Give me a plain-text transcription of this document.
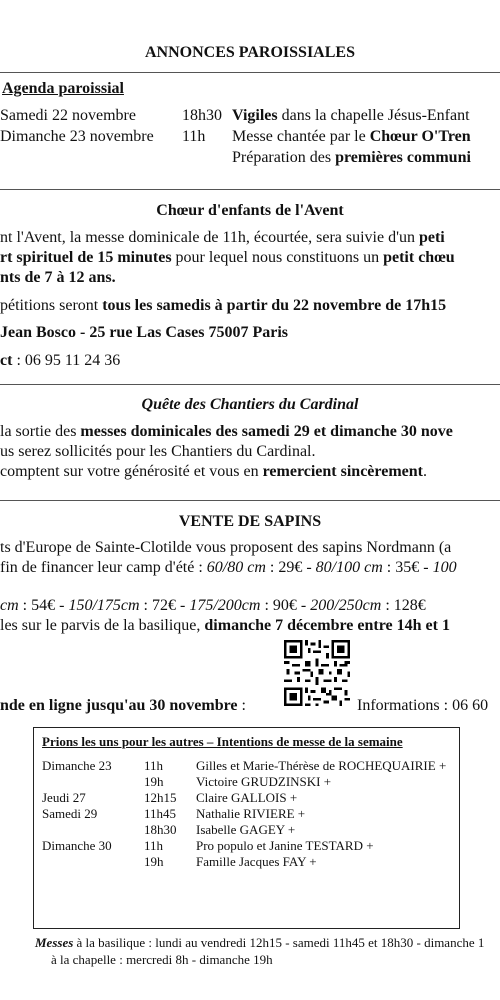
ANNONCES PAROISSIALES
Agenda paroissial
Samedi 22 novembre	18h30 Vigiles dans la chapelle Jésus-Enfant
Dimanche 23 novembre 11h Messe chantée par le Chœur O'Tren
Préparation des premières communi
Chœur d'enfants de l'Avent
nt l'Avent, la messe dominicale de 11h, écourtée, sera suivie d'un peti
rt spirituel de 15 minutes pour lequel nous constituons un petit chœu
nts de 7 à 12 ans.
pétitions seront tous les samedis à partir du 22 novembre de 17h15
Jean Bosco - 25 rue Las Cases 75007 Paris
ct : 06 95 11 24 36
Quête des Chantiers du Cardinal
la sortie des messes dominicales des samedi 29 et dimanche 30 nove
us serez sollicités pour les Chantiers du Cardinal.
comptent sur votre générosité et vous en remercient sincèrement.
VENTE DE SAPINS
ts d'Europe de Sainte-Clotilde vous proposent des sapins Nordmann (a
fin de financer leur camp d'été : 60/80 cm : 29€ - 80/100 cm : 35€ - 100
cm : 54€ - 150/175cm : 72€ - 175/200cm : 90€ - 200/250cm : 128€
les sur le parvis de la basilique, dimanche 7 décembre entre 14h et 1
nde en ligne jusqu'au 30 novembre :	Informations : 06 60
Prions les uns pour les autres – Intentions de messe de la semaine
Dimanche 23 11h	Gilles et Marie-Thérèse de ROCHEQUAIRIE +
19h	Victoire GRUDZINSKI +
Jeudi 27	12h15 Claire GALLOIS +
Samedi 29	11h45 Nathalie RIVIERE +
18h30 Isabelle GAGEY +
Dimanche 30 11h	Pro populo et Janine TESTARD +
19h	Famille Jacques FAY +
Messes à la basilique : lundi au vendredi 12h15 - samedi 11h45 et 18h30 - dimanche 1
à la chapelle : mercredi 8h - dimanche 19h
